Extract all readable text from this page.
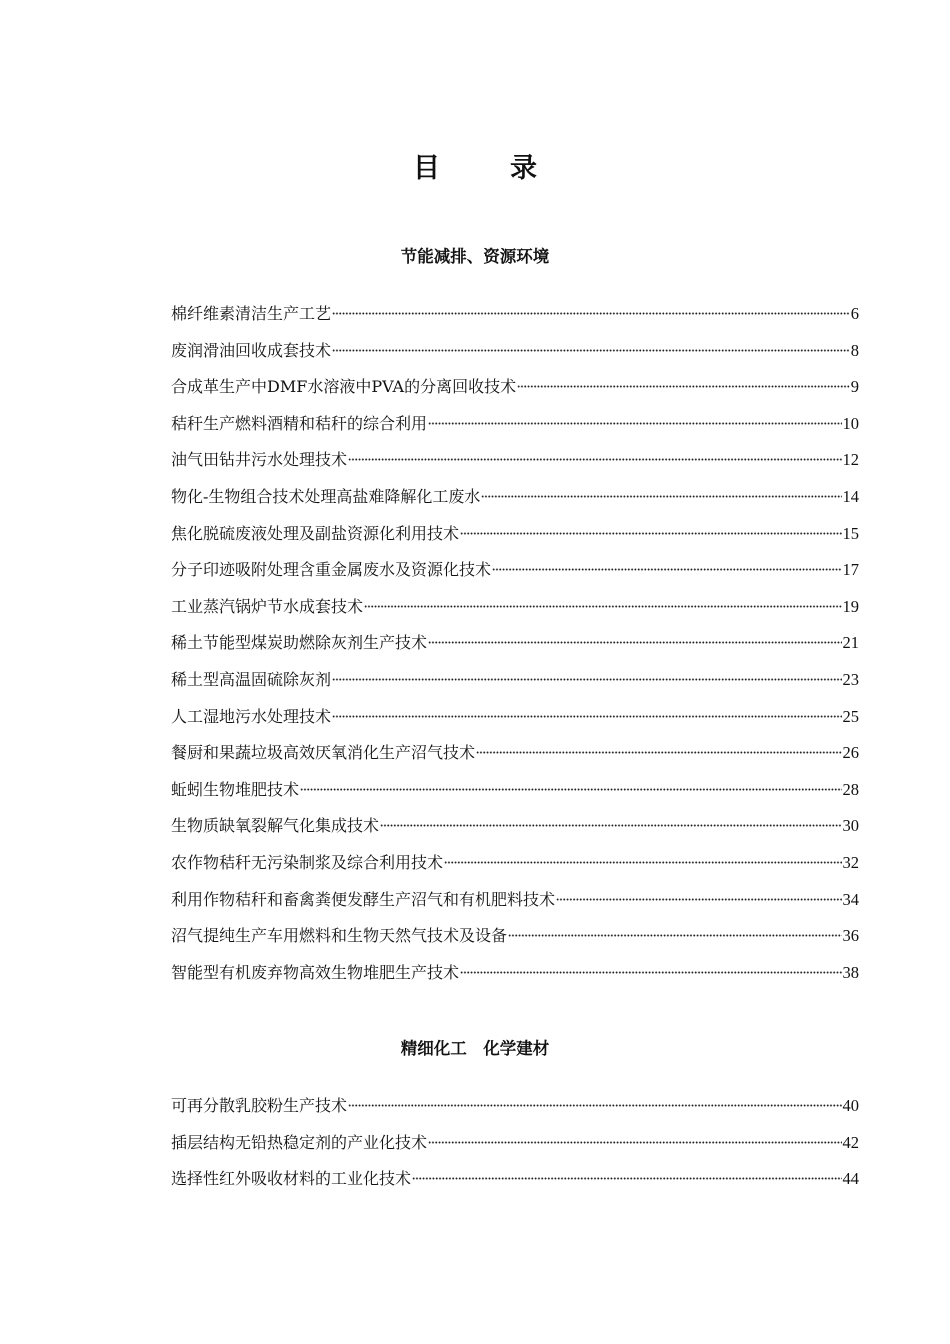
目	录
节能减排、资源环境
棉纤维素清洁生产工艺	6
废润滑油回收成套技术	8
合成革生产中DMF水溶液中PVA的分离回收技术	9
秸秆生产燃料酒精和秸秆的综合利用	10
油气田钻井污水处理技术	12
物化-生物组合技术处理高盐难降解化工废水	14
焦化脱硫废液处理及副盐资源化利用技术	15
分子印迹吸附处理含重金属废水及资源化技术	17
工业蒸汽锅炉节水成套技术	19
稀土节能型煤炭助燃除灰剂生产技术	21
稀土型高温固硫除灰剂	23
人工湿地污水处理技术	25
餐厨和果蔬垃圾高效厌氧消化生产沼气技术	26
蚯蚓生物堆肥技术	28
生物质缺氧裂解气化集成技术	30
农作物秸秆无污染制浆及综合利用技术	32
利用作物秸秆和畜禽粪便发酵生产沼气和有机肥料技术	34
沼气提纯生产车用燃料和生物天然气技术及设备	36
智能型有机废弃物高效生物堆肥生产技术	38
精细化工　化学建材
可再分散乳胶粉生产技术	40
插层结构无铅热稳定剂的产业化技术	42
选择性红外吸收材料的工业化技术	44
